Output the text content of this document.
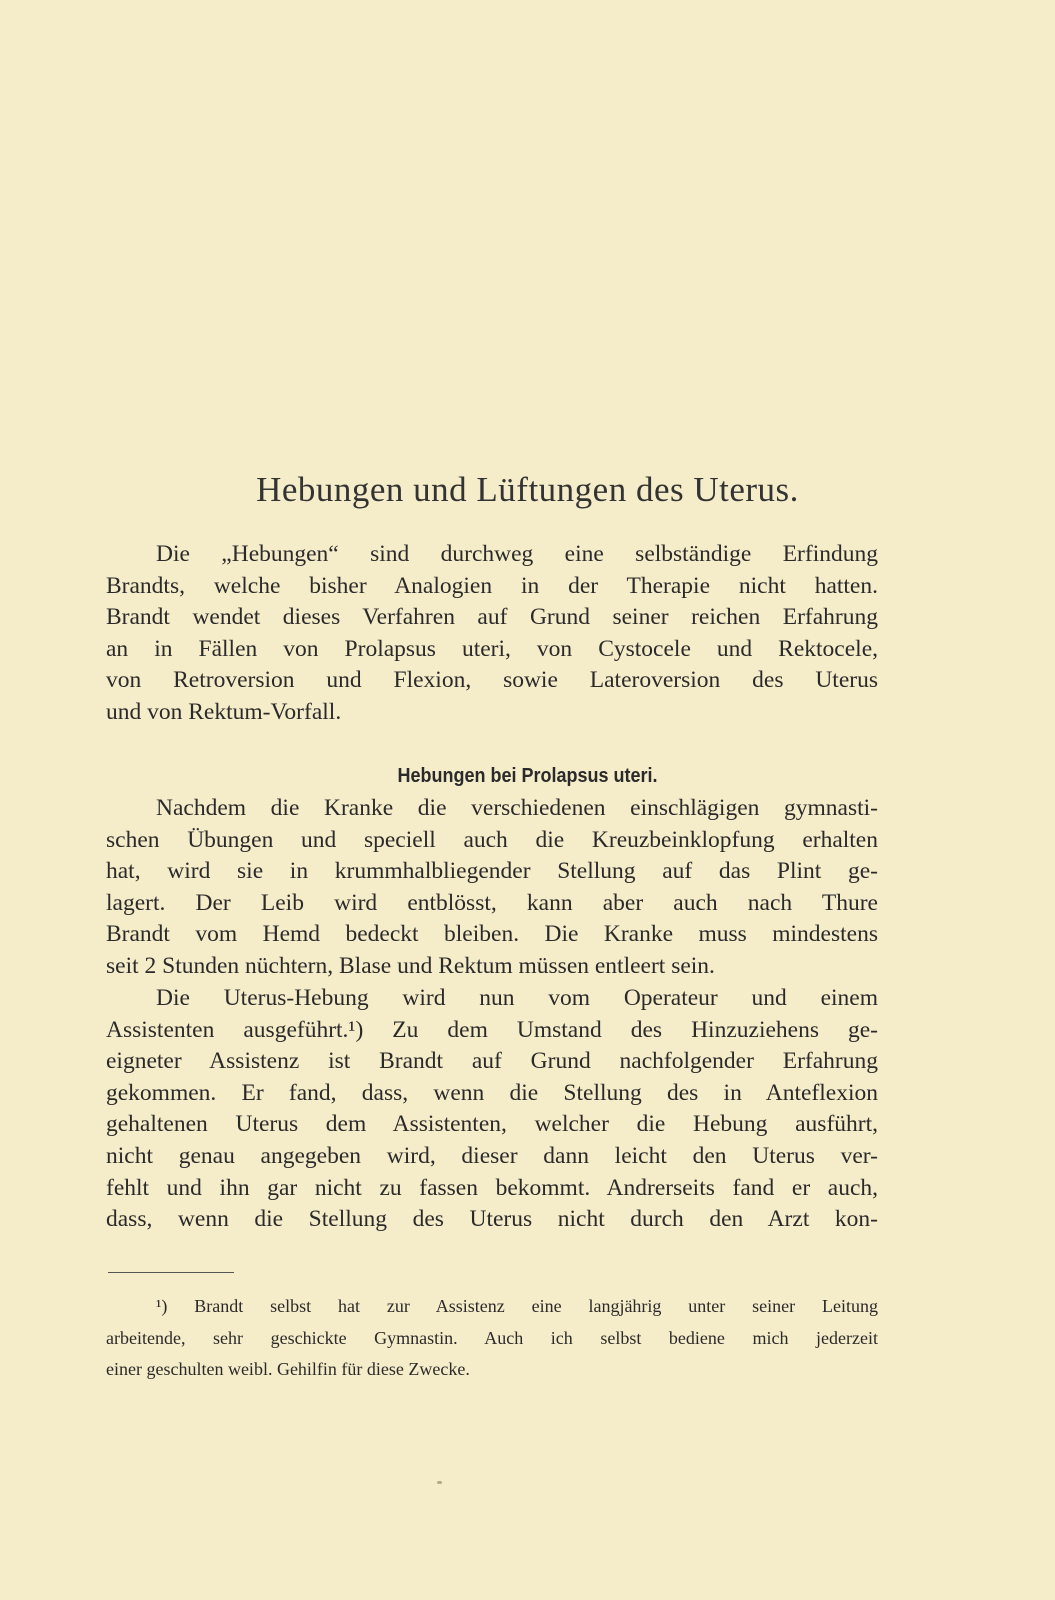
Hebungen und Lüftungen des Uterus.
Die „Hebungen“ sind durchweg eine selbständige Erfindung
Brandts, welche bisher Analogien in der Therapie nicht hatten.
Brandt wendet dieses Verfahren auf Grund seiner reichen Erfahrung
an in Fällen von Prolapsus uteri, von Cystocele und Rektocele,
von Retroversion und Flexion, sowie Lateroversion des Uterus
und von Rektum-Vorfall.
Hebungen bei Prolapsus uteri.
Nachdem die Kranke die verschiedenen einschlägigen gymnasti-
schen Übungen und speciell auch die Kreuzbeinklopfung erhalten
hat, wird sie in krummhalbliegender Stellung auf das Plint ge-
lagert. Der Leib wird entblösst, kann aber auch nach Thure
Brandt vom Hemd bedeckt bleiben. Die Kranke muss mindestens
seit 2 Stunden nüchtern, Blase und Rektum müssen entleert sein.
Die Uterus-Hebung wird nun vom Operateur und einem
Assistenten ausgeführt.¹) Zu dem Umstand des Hinzuziehens ge-
eigneter Assistenz ist Brandt auf Grund nachfolgender Erfahrung
gekommen. Er fand, dass, wenn die Stellung des in Anteflexion
gehaltenen Uterus dem Assistenten, welcher die Hebung ausführt,
nicht genau angegeben wird, dieser dann leicht den Uterus ver-
fehlt und ihn gar nicht zu fassen bekommt. Andrerseits fand er auch,
dass, wenn die Stellung des Uterus nicht durch den Arzt kon-
¹) Brandt selbst hat zur Assistenz eine langjährig unter seiner Leitung
arbeitende, sehr geschickte Gymnastin. Auch ich selbst bediene mich jederzeit
einer geschulten weibl. Gehilfin für diese Zwecke.
